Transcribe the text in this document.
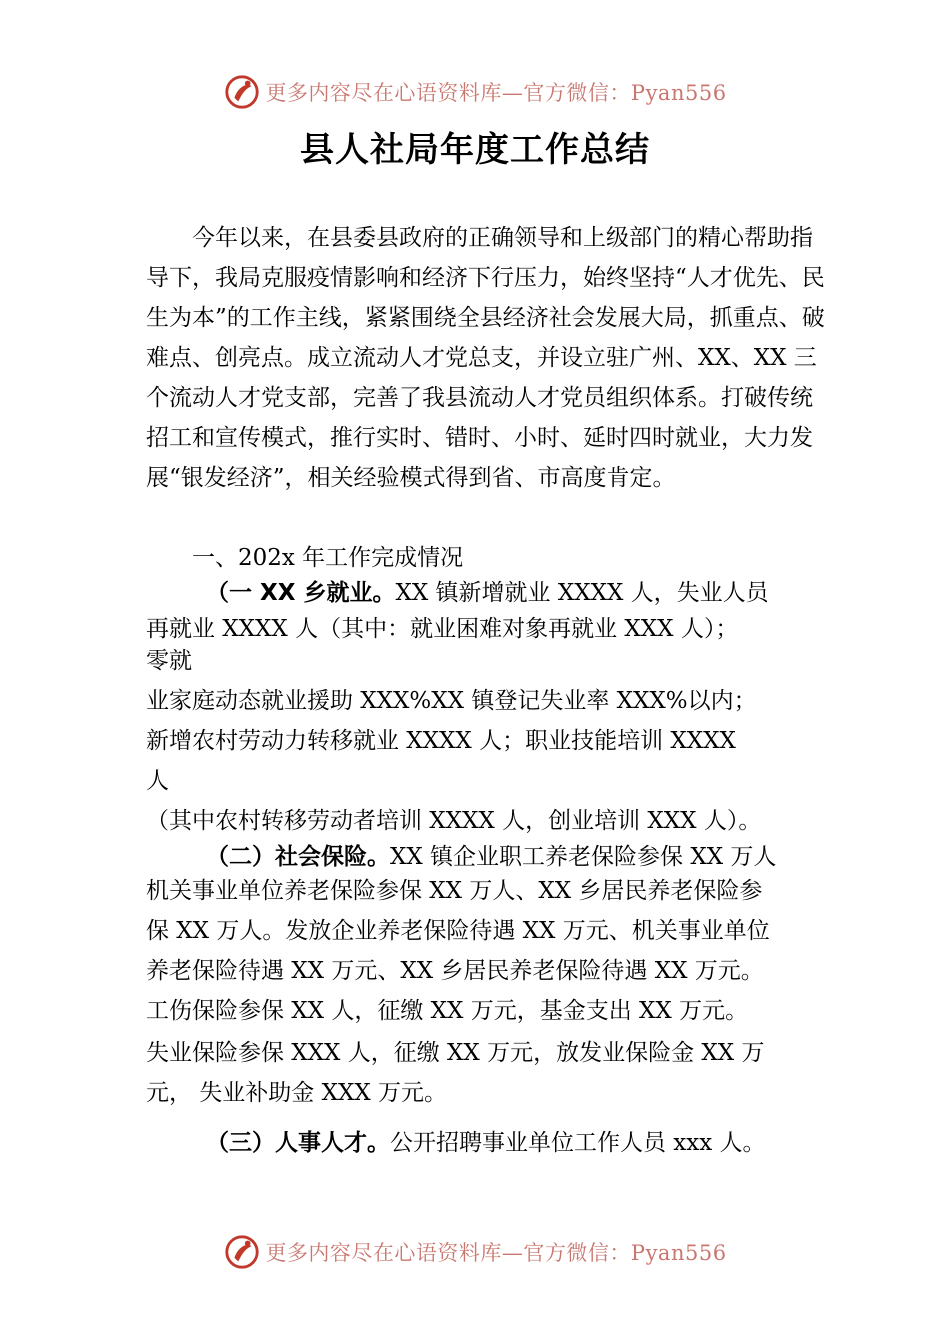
更多内容尽在心语资料库—官方微信：Pyan556
县人社局年度工作总结

今年以来，在县委县政府的正确领导和上级部门的精心帮助指导下，我局克服疫情影响和经济下行压力，始终坚持“人才优先、民生为本”的工作主线，紧紧围绕全县经济社会发展大局，抓重点、破难点、创亮点。成立流动人才党总支，并设立驻广州、XX、XX 三个流动人才党支部，完善了我县流动人才党员组织体系。打破传统招工和宣传模式，推行实时、错时、小时、延时四时就业，大力发展“银发经济”，相关经验模式得到省、市高度肯定。

一、202x 年工作完成情况

（一 XX 乡就业。XX 镇新增就业 XXXX 人，失业人员

再就业 XXXX 人（其中：就业困难对象再就业 XXX 人）；

零就

业家庭动态就业援助 XXX%XX 镇登记失业率 XXX%以内；

新增农村劳动力转移就业 XXXX 人；职业技能培训 XXXX

人

（其中农村转移劳动者培训 XXXX 人，创业培训 XXX 人）。

（二）社会保险。XX 镇企业职工养老保险参保 XX 万人

机关事业单位养老保险参保 XX 万人、XX 乡居民养老保险参

保 XX 万人。发放企业养老保险待遇 XX 万元、机关事业单位

养老保险待遇 XX 万元、XX 乡居民养老保险待遇 XX 万元。

工伤保险参保 XX 人，征缴 XX 万元，基金支出 XX 万元。

失业保险参保 XXX 人，征缴 XX 万元，放发业保险金 XX 万

元， 失业补助金 XXX 万元。

（三）人事人才。公开招聘事业单位工作人员 xxx 人。

更多内容尽在心语资料库—官方微信：Pyan556
